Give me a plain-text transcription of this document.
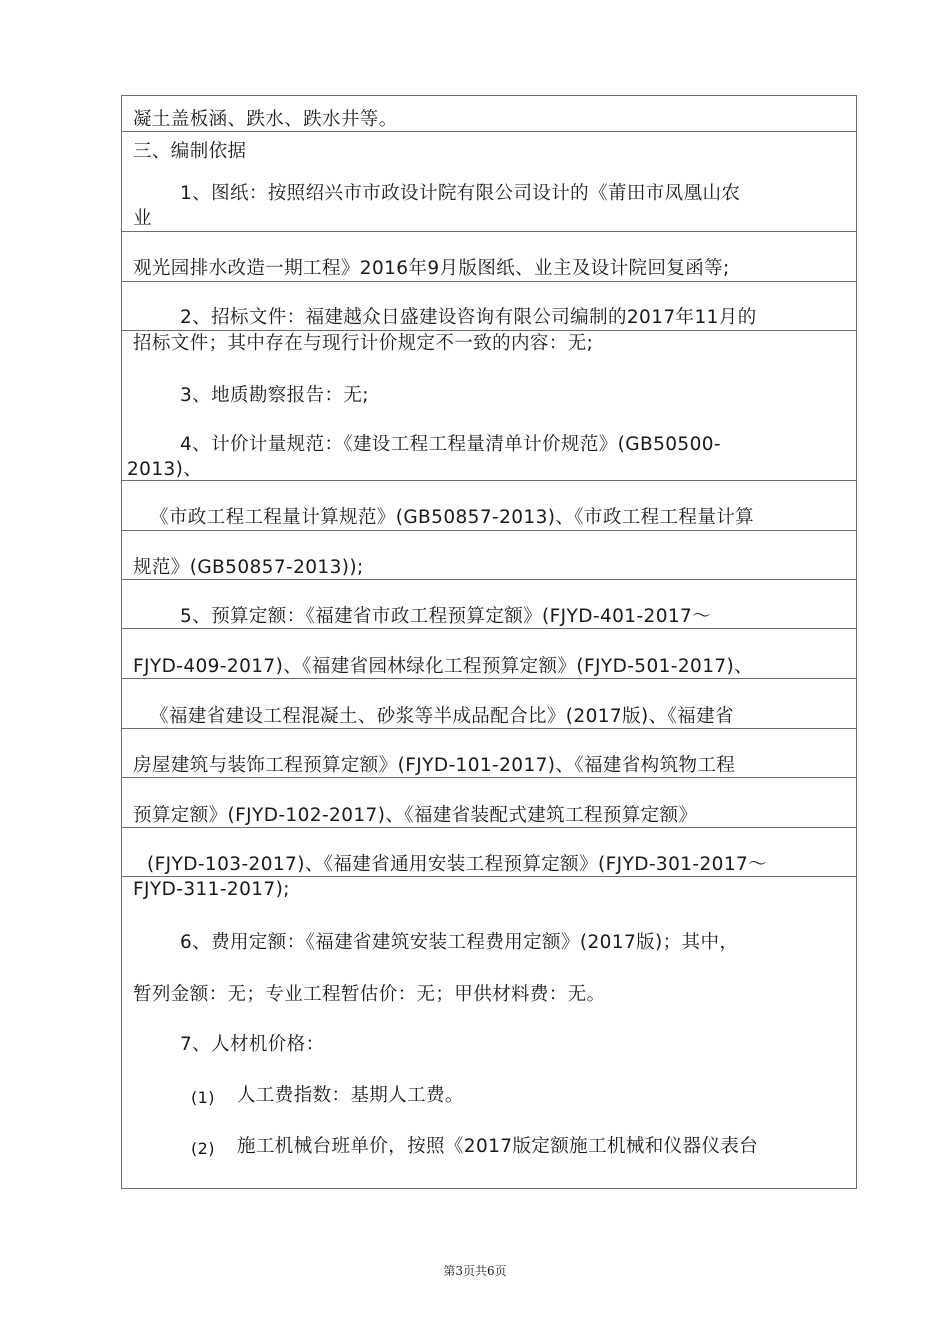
凝土盖板涵、跌水、跌水井等。
三、编制依据
1、图纸：按照绍兴市市政设计院有限公司设计的《莆田市凤凰山农
业
观光园排水改造一期工程》2016年9月版图纸、业主及设计院回复函等;
2、招标文件：福建越众日盛建设咨询有限公司编制的2017年11月的
招标文件；其中存在与现行计价规定不一致的内容：无;
3、地质勘察报告：无;
4、计价计量规范：《建设工程工程量清单计价规范》(GB50500-
2013)、
《市政工程工程量计算规范》(GB50857-2013)、《市政工程工程量计算
规范》(GB50857-2013));
5、预算定额：《福建省市政工程预算定额》(FJYD-401-2017〜
FJYD-409-2017)、《福建省园林绿化工程预算定额》(FJYD-501-2017)、
《福建省建设工程混凝土、砂浆等半成品配合比》(2017版)、《福建省
房屋建筑与装饰工程预算定额》(FJYD-101-2017)、《福建省构筑物工程
预算定额》(FJYD-102-2017)、《福建省装配式建筑工程预算定额》
(FJYD-103-2017)、《福建省通用安装工程预算定额》(FJYD-301-2017〜
FJYD-311-2017);
6、费用定额：《福建省建筑安装工程费用定额》(2017版)；其中，
暂列金额：无；专业工程暂估价：无；甲供材料费：无。
7、人材机价格：
(1) 人工费指数：基期人工费。
(2) 施工机械台班单价，按照《2017版定额施工机械和仪器仪表台
第3页共6页
